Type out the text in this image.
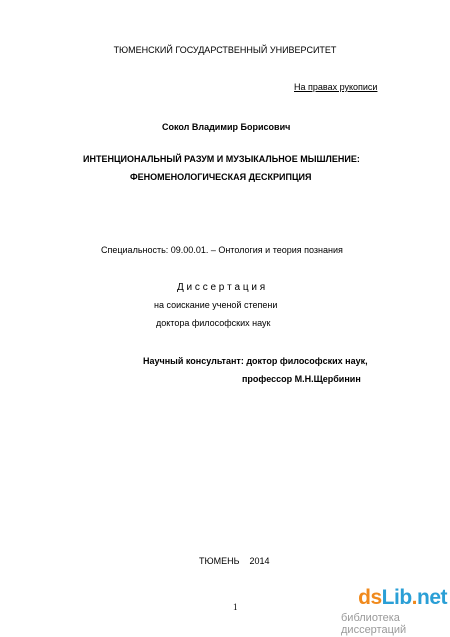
ТЮМЕНСКИЙ ГОСУДАРСТВЕННЫЙ УНИВЕРСИТЕТ
На правах рукописи
Сокол Владимир Борисович
ИНТЕНЦИОНАЛЬНЫЙ РАЗУМ И МУЗЫКАЛЬНОЕ МЫШЛЕНИЕ:
ФЕНОМЕНОЛОГИЧЕСКАЯ ДЕСКРИПЦИЯ
Специальность: 09.00.01. – Онтология и теория познания
Д и с с е р т а ц и я
на соискание ученой степени
доктора философских наук
Научный консультант: доктор философских наук,
профессор М.Н.Щербинин
ТЮМЕНЬ    2014
1	dsLib.net
библиотека диссертаций
